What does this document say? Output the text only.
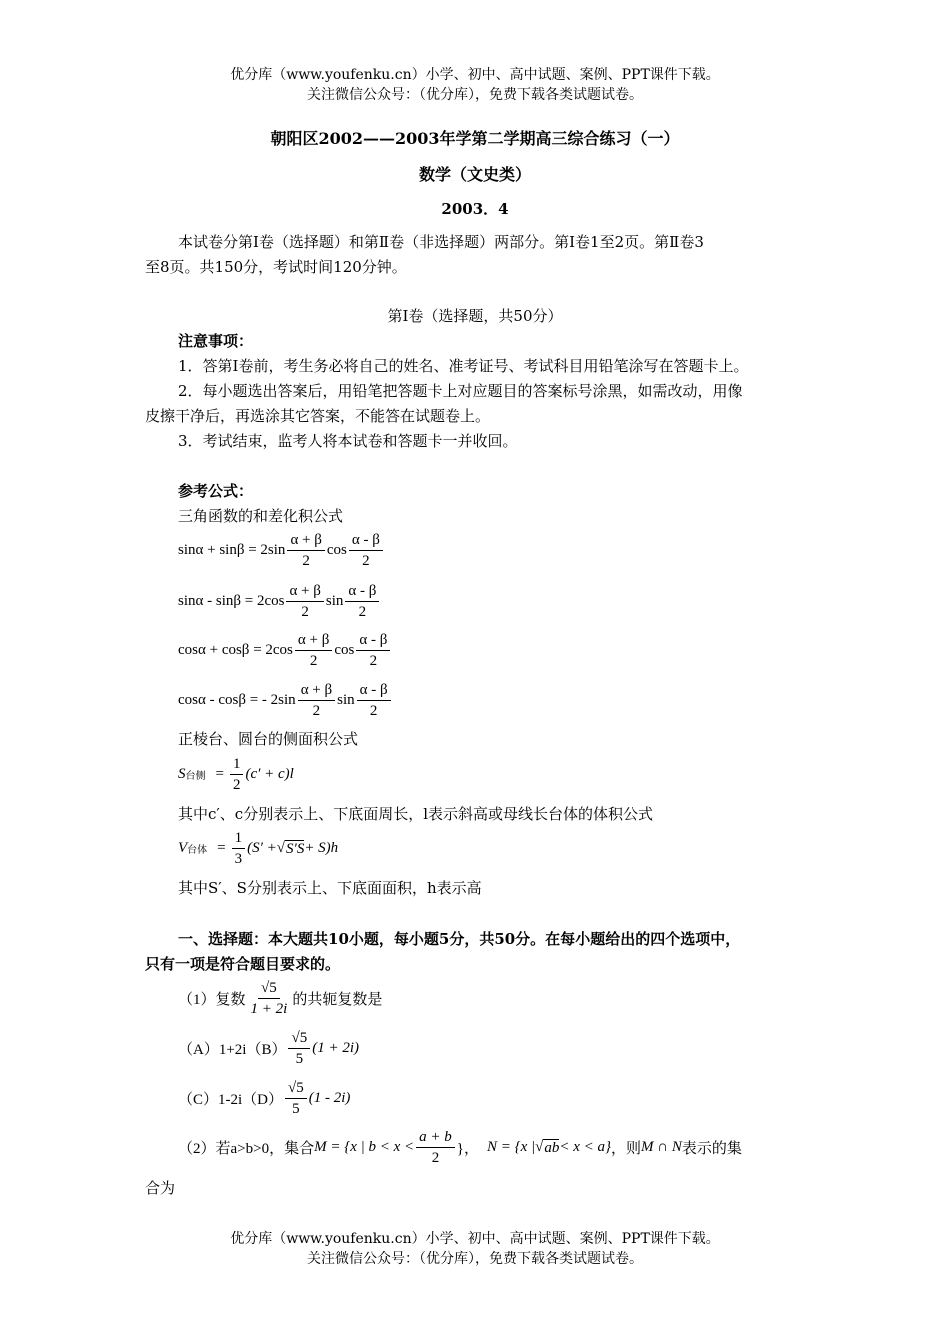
优分库（www.youfenku.cn）小学、初中、高中试题、案例、PPT课件下载。
关注微信公众号：（优分库），免费下载各类试题试卷。
朝阳区2002——2003年学第二学期高三综合练习（一）
数学（文史类）
2003．4
本试卷分第Ⅰ卷（选择题）和第Ⅱ卷（非选择题）两部分。第Ⅰ卷1至2页。第Ⅱ卷3
至8页。共150分，考试时间120分钟。
第Ⅰ卷（选择题，共50分）
注意事项：
1．答第Ⅰ卷前，考生务必将自己的姓名、准考证号、考试科目用铅笔涂写在答题卡上。
2．每小题选出答案后，用铅笔把答题卡上对应题目的答案标号涂黑，如需改动，用像
皮擦干净后，再选涂其它答案，不能答在试题卷上。
3．考试结束，监考人将本试卷和答题卡一并收回。
参考公式：
三角函数的和差化积公式
$\sin\alpha + \sin\beta = 2\sin \frac{\alpha + \beta}{2}$ $\cos \frac{\alpha - \beta}{2}$
$\sin\alpha - \sin\beta = 2\cos \frac{\alpha + \beta}{2}$ $\sin \frac{\alpha - \beta}{2}$
$\cos\alpha + \cos\beta = 2\cos \frac{\alpha + \beta}{2}$ $\cos \frac{\alpha - \beta}{2}$
cosα - cosβ = - $2\sin \frac{\alpha + \beta}{2}$ $\sin \frac{\alpha - \beta}{2}$
正棱台、圆台的侧面积公式
S 台侧 = $\frac{1}{2} (c' + c)l$
其中c′、c分别表示上、下底面周长，l表示斜高或母线长台体的体积公式
V 台体 = $\frac{1}{3} (S'$ + √ S′S + S)h
其中S′、S分别表示上、下底面面积，h表示高
一、选择题：本大题共10小题，每小题5分，共50分。在每小题给出的四个选项中，
只有一项是符合题目要求的。
（1）复数 $\frac{√5}{1 + 2i}$ 的共轭复数是
$(A)1+2i(B) \frac{√5}{5} (1 + 2i)$
$(C)1-2i(D) \frac{√5}{5} (1 - 2i)$
（2）若a>b>0，集合 M = {x | $b < x < \frac{a + b}{2}$ }， N = {x | √ ab < x < a} ，则 M ∩ N 表示的集
合为
优分库（www.youfenku.cn）小学、初中、高中试题、案例、PPT课件下载。
关注微信公众号：（优分库），免费下载各类试题试卷。
